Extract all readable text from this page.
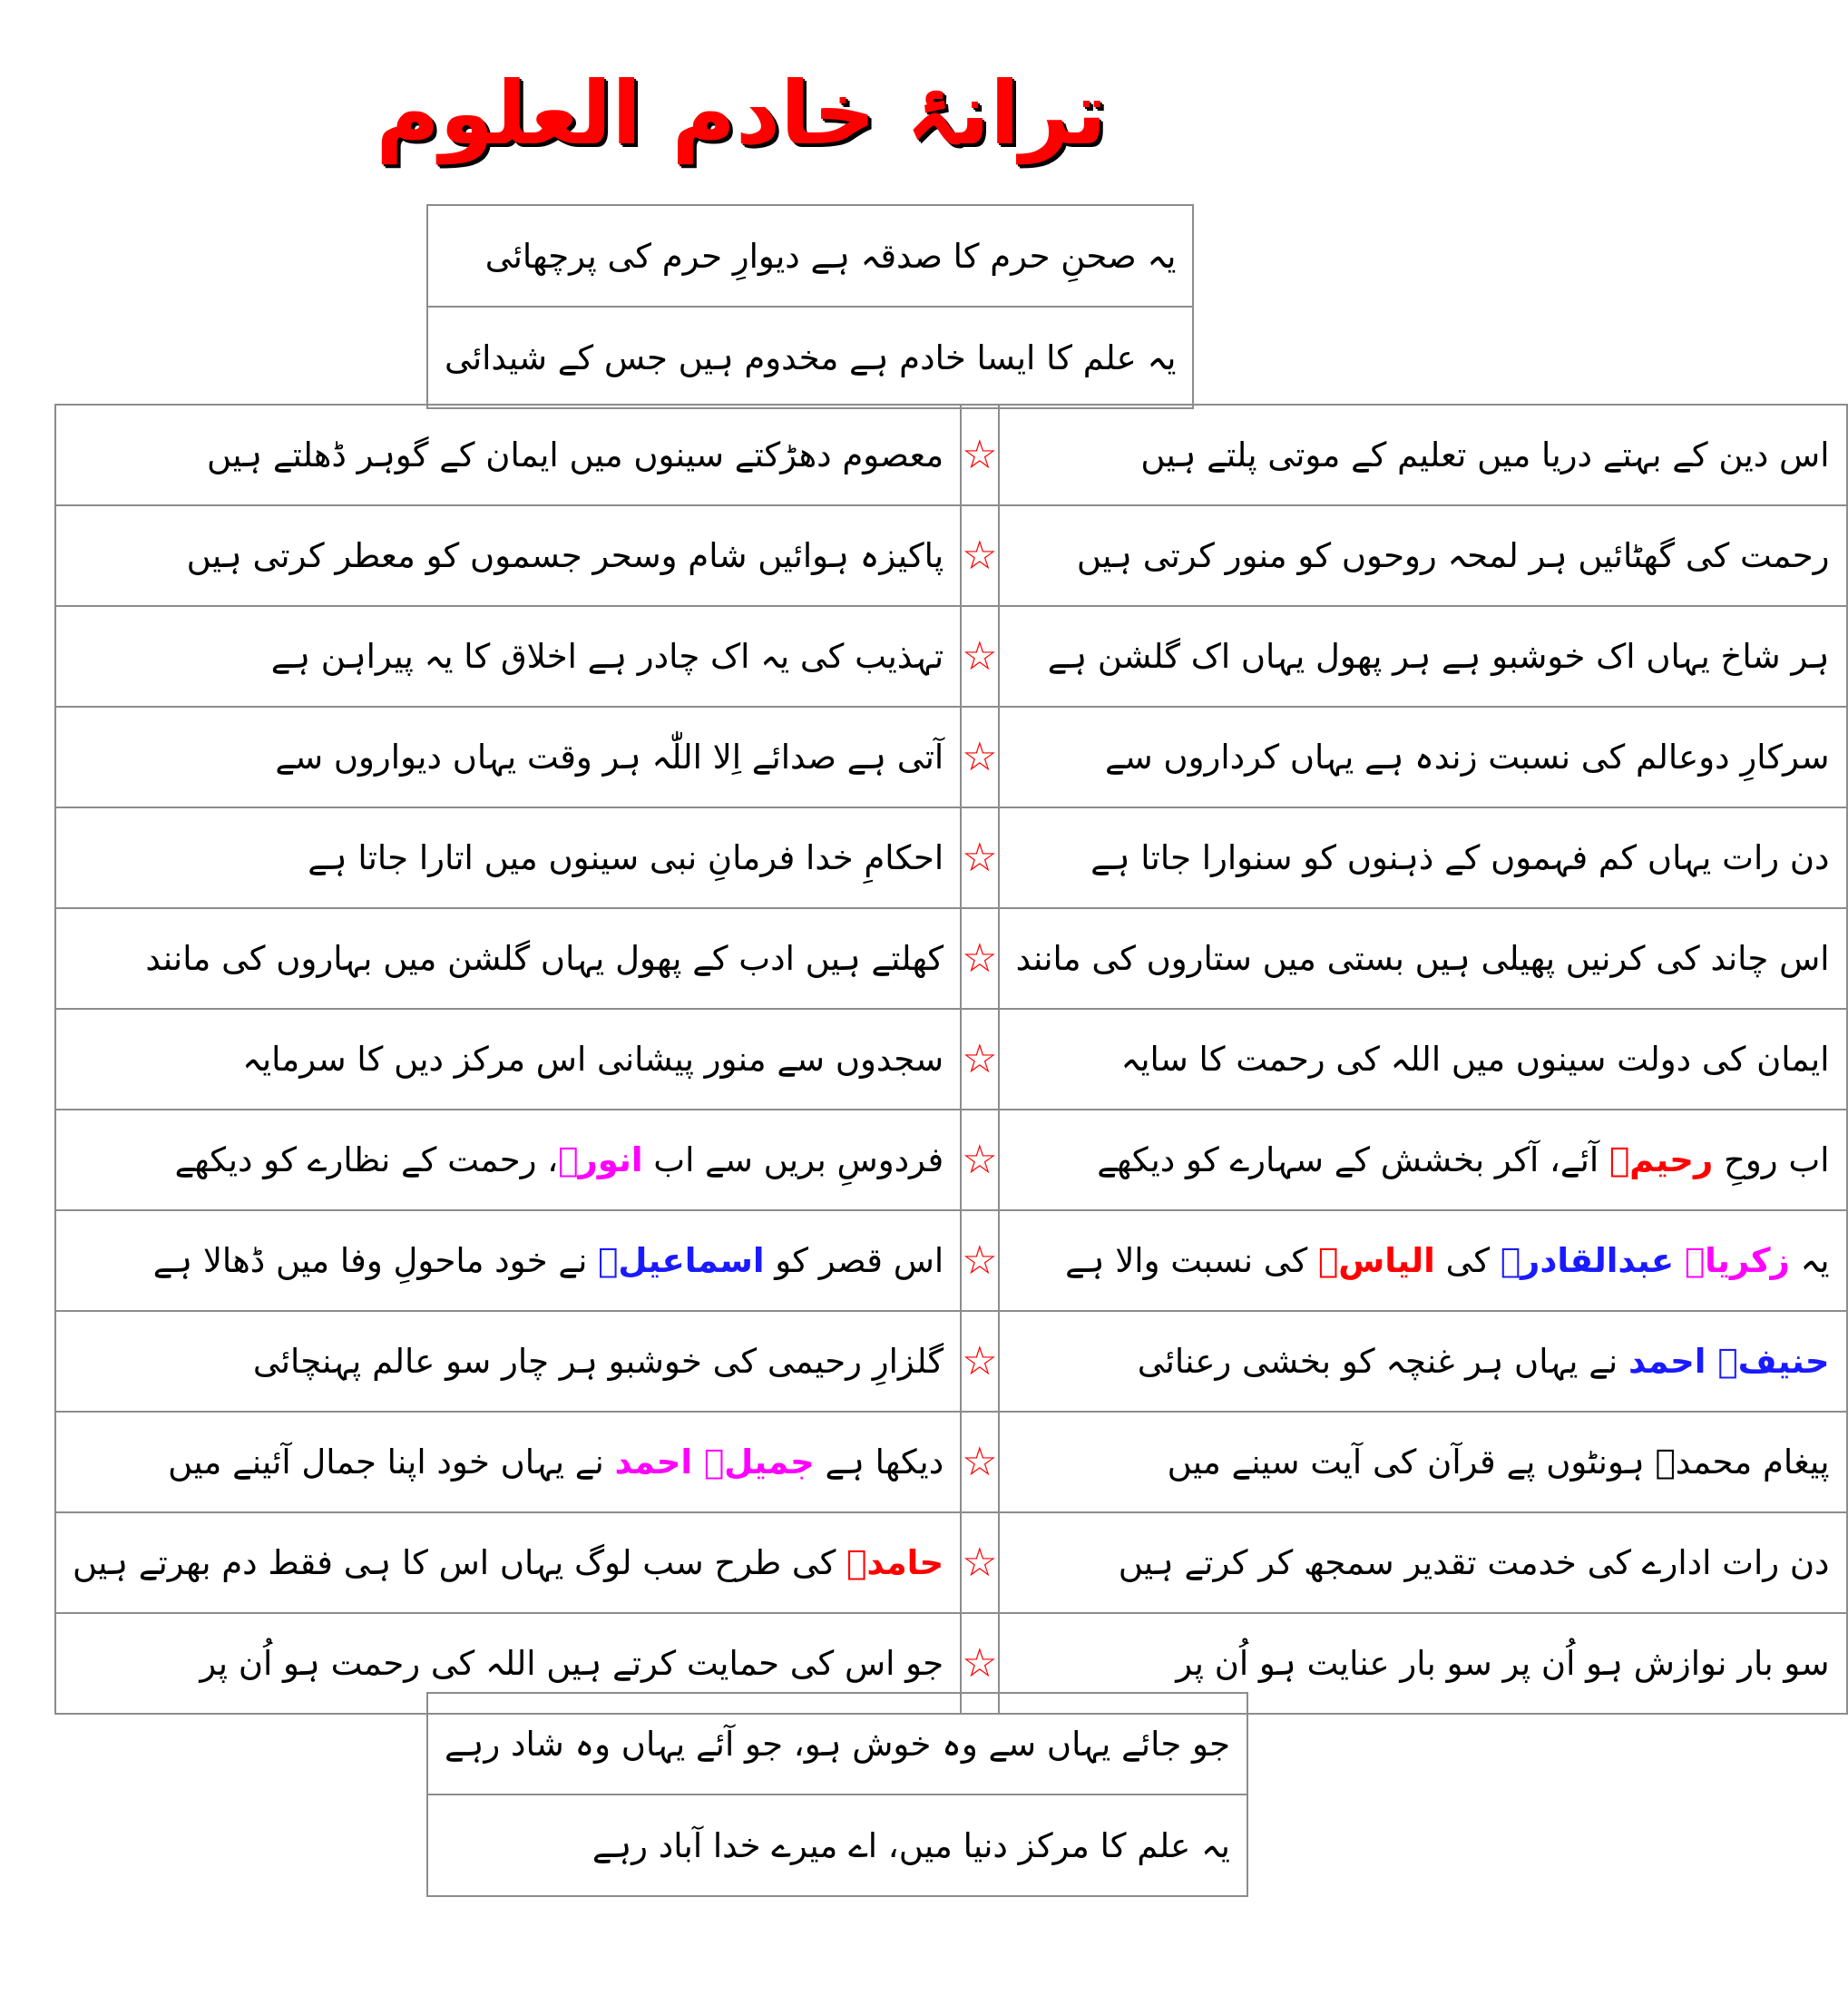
ترانۂ خادم العلوم
یہ صحنِ حرم کا صدقہ ہے دیوارِ حرم کی پرچھائی
یہ علم کا ایسا خادم ہے مخدوم ہیں جس کے شیدائی
اس دین کے بہتے دریا میں تعلیم کے موتی پلتے ہیں	☆	معصوم دھڑکتے سینوں میں ایمان کے گوہر ڈھلتے ہیں
رحمت کی گھٹائیں ہر لمحہ روحوں کو منور کرتی ہیں	☆	پاکیزہ ہوائیں شام وسحر جسموں کو معطر کرتی ہیں
ہر شاخ یہاں اک خوشبو ہے ہر پھول یہاں اک گلشن ہے	☆	تہذیب کی یہ اک چادر ہے اخلاق کا یہ پیراہن ہے
سرکارِ دوعالم کی نسبت زندہ ہے یہاں کرداروں سے	☆	آتی ہے صدائے اِلا اللّٰہ ہر وقت یہاں دیواروں سے
دن رات یہاں کم فہموں کے ذہنوں کو سنوارا جاتا ہے	☆	احکامِ خدا فرمانِ نبی سینوں میں اتارا جاتا ہے
اس چاند کی کرنیں پھیلی ہیں بستی میں ستاروں کی مانند	☆	کھلتے ہیں ادب کے پھول یہاں گلشن میں بہاروں کی مانند
ایمان کی دولت سینوں میں اللہ کی رحمت کا سایہ	☆	سجدوں سے منور پیشانی اس مرکز دیں کا سرمایہ
اب روحِ رحیمؔ آئے، آکر بخشش کے سہارے کو دیکھے	☆	فردوسِ بریں سے اب انورؔ، رحمت کے نظارے کو دیکھے
یہ زکریاؔ عبدالقادرؔ کی الیاسؔ کی نسبت والا ہے	☆	اس قصر کو اسماعیلؔ نے خود ماحولِ وفا میں ڈھالا ہے
حنیفؔ احمد نے یہاں ہر غنچہ کو بخشی رعنائی	☆	گلزارِ رحیمی کی خوشبو ہر چار سو عالم پہنچائی
پیغام محمدؐ ہونٹوں پے قرآن کی آیت سینے میں	☆	دیکھا ہے جمیلؔ احمد نے یہاں خود اپنا جمال آئینے میں
دن رات ادارے کی خدمت تقدیر سمجھ کر کرتے ہیں	☆	حامدؔ کی طرح سب لوگ یہاں اس کا ہی فقط دم بھرتے ہیں
سو بار نوازش ہو اُن پر سو بار عنایت ہو اُن پر	☆	جو اس کی حمایت کرتے ہیں اللہ کی رحمت ہو اُن پر
جو جائے یہاں سے وہ خوش ہو، جو آئے یہاں وہ شاد رہے
یہ علم کا مرکز دنیا میں، اے میرے خدا آباد رہے
